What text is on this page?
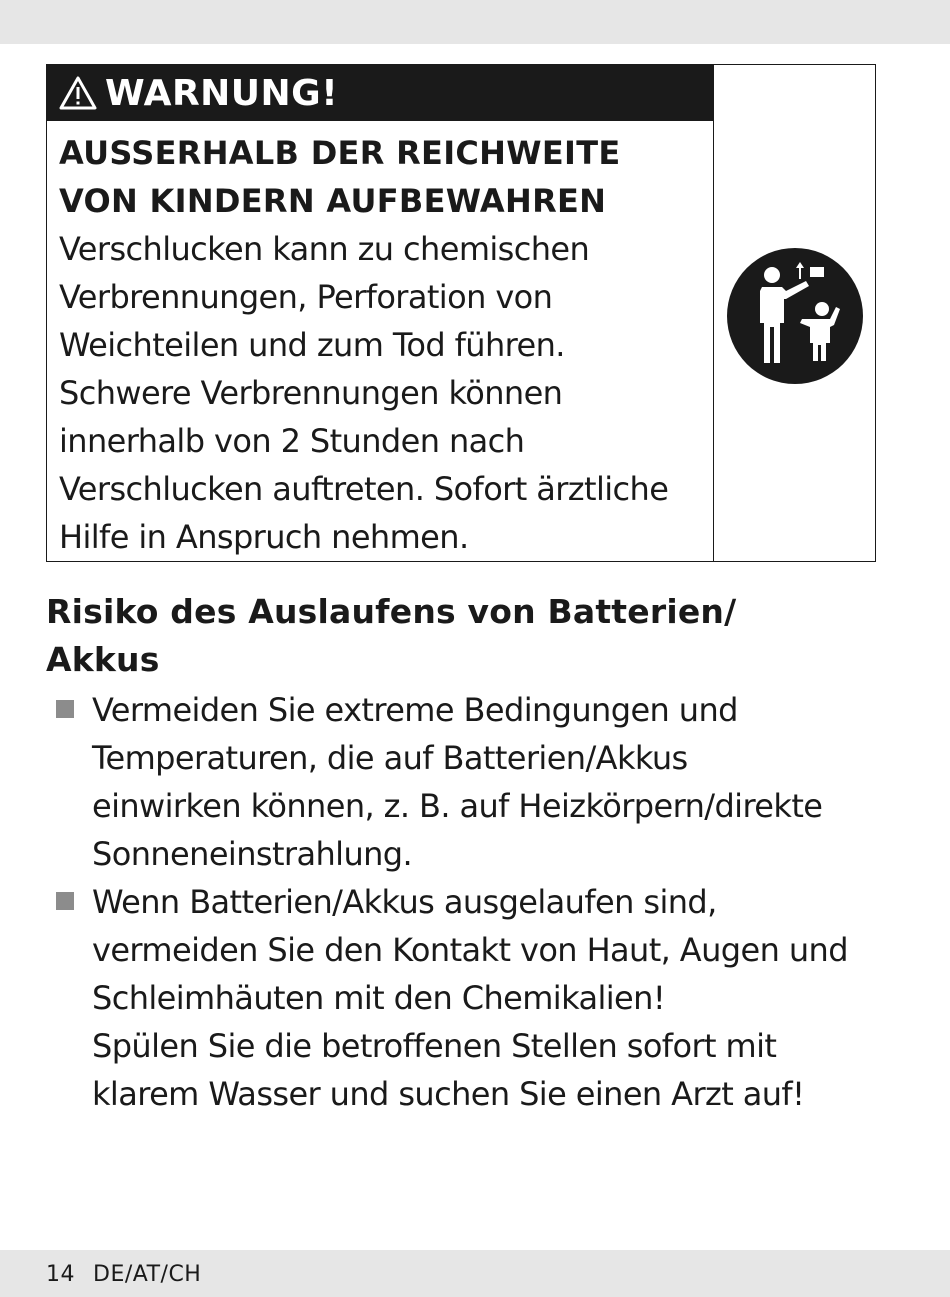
WARNUNG!
AUSSERHALB DER REICHWEITE
VON KINDERN AUFBEWAHREN
Verschlucken kann zu chemischen
Verbrennungen, Perforation von
Weichteilen und zum Tod führen.
Schwere Verbrennungen können
innerhalb von 2 Stunden nach
Verschlucken auftreten. Sofort ärztliche
Hilfe in Anspruch nehmen.
Risiko des Auslaufens von Batterien/
Akkus
Vermeiden Sie extreme Bedingungen und
Temperaturen, die auf Batterien/Akkus
einwirken können, z. B. auf Heizkörpern/direkte
Sonneneinstrahlung.
Wenn Batterien/Akkus ausgelaufen sind,
vermeiden Sie den Kontakt von Haut, Augen und
Schleimhäuten mit den Chemikalien!
Spülen Sie die betroffenen Stellen sofort mit
klarem Wasser und suchen Sie einen Arzt auf!
14 DE/AT/CH
